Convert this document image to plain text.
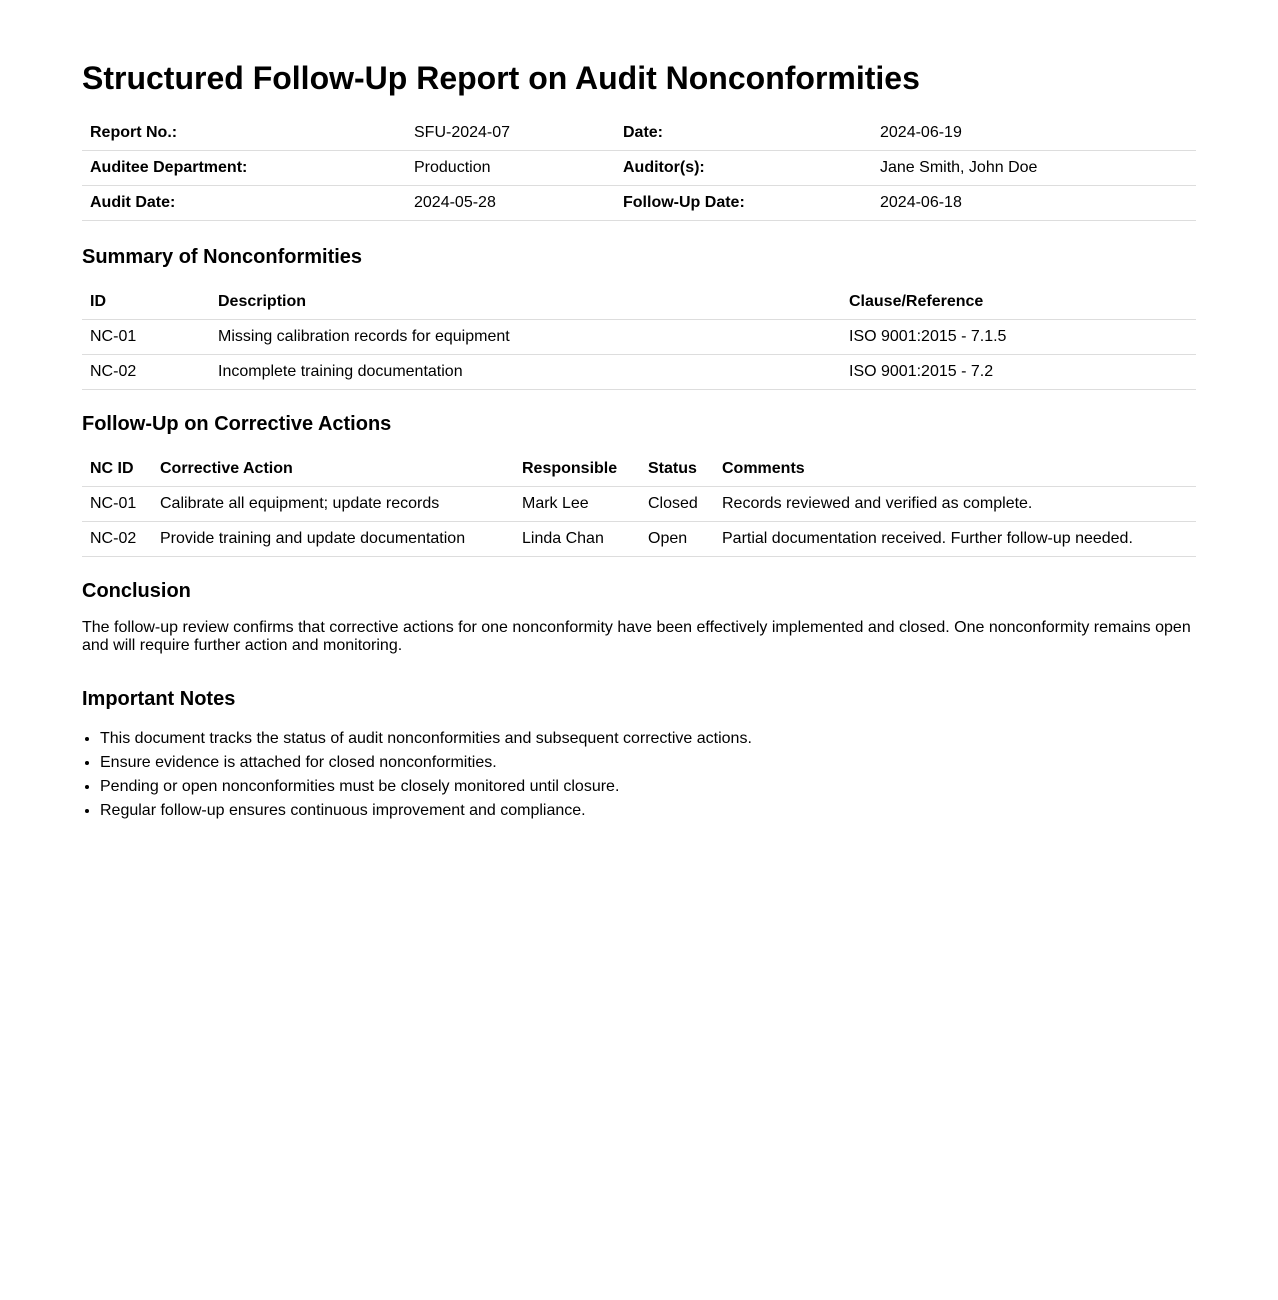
Structured Follow-Up Report on Audit Nonconformities
Report No.:	SFU-2024-07	Date:	2024-06-19
Auditee Department:	Production	Auditor(s):	Jane Smith, John Doe
Audit Date:	2024-05-28	Follow-Up Date:	2024-06-18
Summary of Nonconformities
ID	Description	Clause/Reference
NC-01	Missing calibration records for equipment	ISO 9001:2015 - 7.1.5
NC-02	Incomplete training documentation	ISO 9001:2015 - 7.2
Follow-Up on Corrective Actions
NC ID	Corrective Action	Responsible	Status	Comments
NC-01	Calibrate all equipment; update records	Mark Lee	Closed	Records reviewed and verified as complete.
NC-02	Provide training and update documentation	Linda Chan	Open	Partial documentation received. Further follow-up needed.
Conclusion

The follow-up review confirms that corrective actions for one nonconformity have been effectively implemented and closed. One nonconformity remains open and will require further action and monitoring.

Important Notes
• This document tracks the status of audit nonconformities and subsequent corrective actions.
• Ensure evidence is attached for closed nonconformities.
• Pending or open nonconformities must be closely monitored until closure.
• Regular follow-up ensures continuous improvement and compliance.
